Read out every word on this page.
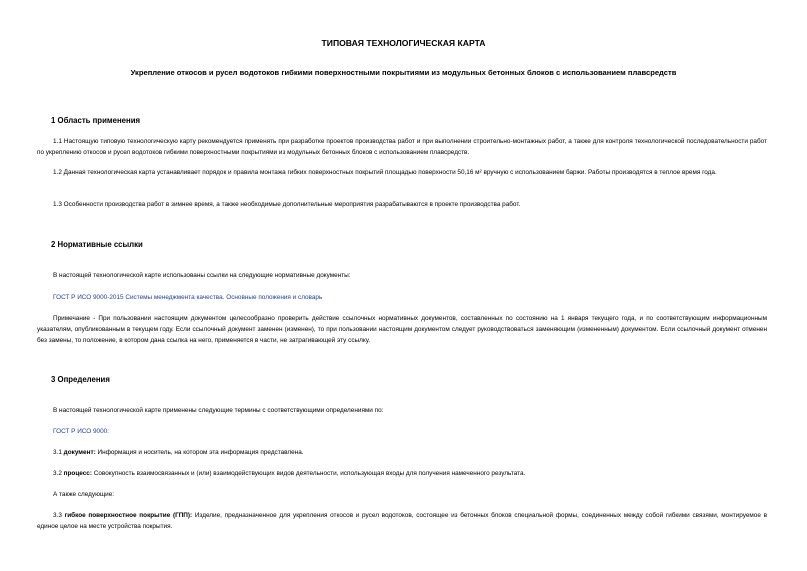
ТИПОВАЯ ТЕХНОЛОГИЧЕСКАЯ КАРТА
Укрепление откосов и русел водотоков гибкими поверхностными покрытиями из модульных бетонных блоков с использованием плавсредств
1 Область применения
1.1 Настоящую типовую технологическую карту рекомендуется применять при разработке проектов производства работ и при выполнении строительно-монтажных работ, а также для контроля технологической последовательности работ по укреплению откосов и русел водотоков гибкими поверхностными покрытиями из модульных бетонных блоков с использованием плавсредств.
1.2 Данная технологическая карта устанавливает порядок и правила монтажа гибких поверхностных покрытий площадью поверхности 50,16 м² вручную с использованием баржи. Работы производятся в теплое время года.
1.3 Особенности производства работ в зимнее время, а также необходимые дополнительные мероприятия разрабатываются в проекте производства работ.
2 Нормативные ссылки
В настоящей технологической карте использованы ссылки на следующие нормативные документы:
ГОСТ Р ИСО 9000-2015 Системы менеджмента качества. Основные положения и словарь
Примечание - При пользовании настоящим документом целесообразно проверить действие ссылочных нормативных документов, составленных по состоянию на 1 января текущего года, и по соответствующим информационным указателям, опубликованным в текущем году. Если ссылочный документ заменен (изменен), то при пользовании настоящим документом следует руководствоваться заменяющим (измененным) документом. Если ссылочный документ отменен без замены, то положение, в котором дана ссылка на него, применяется в части, не затрагивающей эту ссылку.
3 Определения
В настоящей технологической карте применены следующие термины с соответствующими определениями по:
ГОСТ Р ИСО 9000:
3.1 документ: Информация и носитель, на котором эта информация представлена.
3.2 процесс: Совокупность взаимосвязанных и (или) взаимодействующих видов деятельности, использующая входы для получения намеченного результата.
А также следующие:
3.3 гибкое поверхностное покрытие (ГПП): Изделие, предназначенное для укрепления откосов и русел водотоков, состоящее из бетонных блоков специальной формы, соединенных между собой гибкими связями, монтируемое в единое целое на месте устройства покрытия.
